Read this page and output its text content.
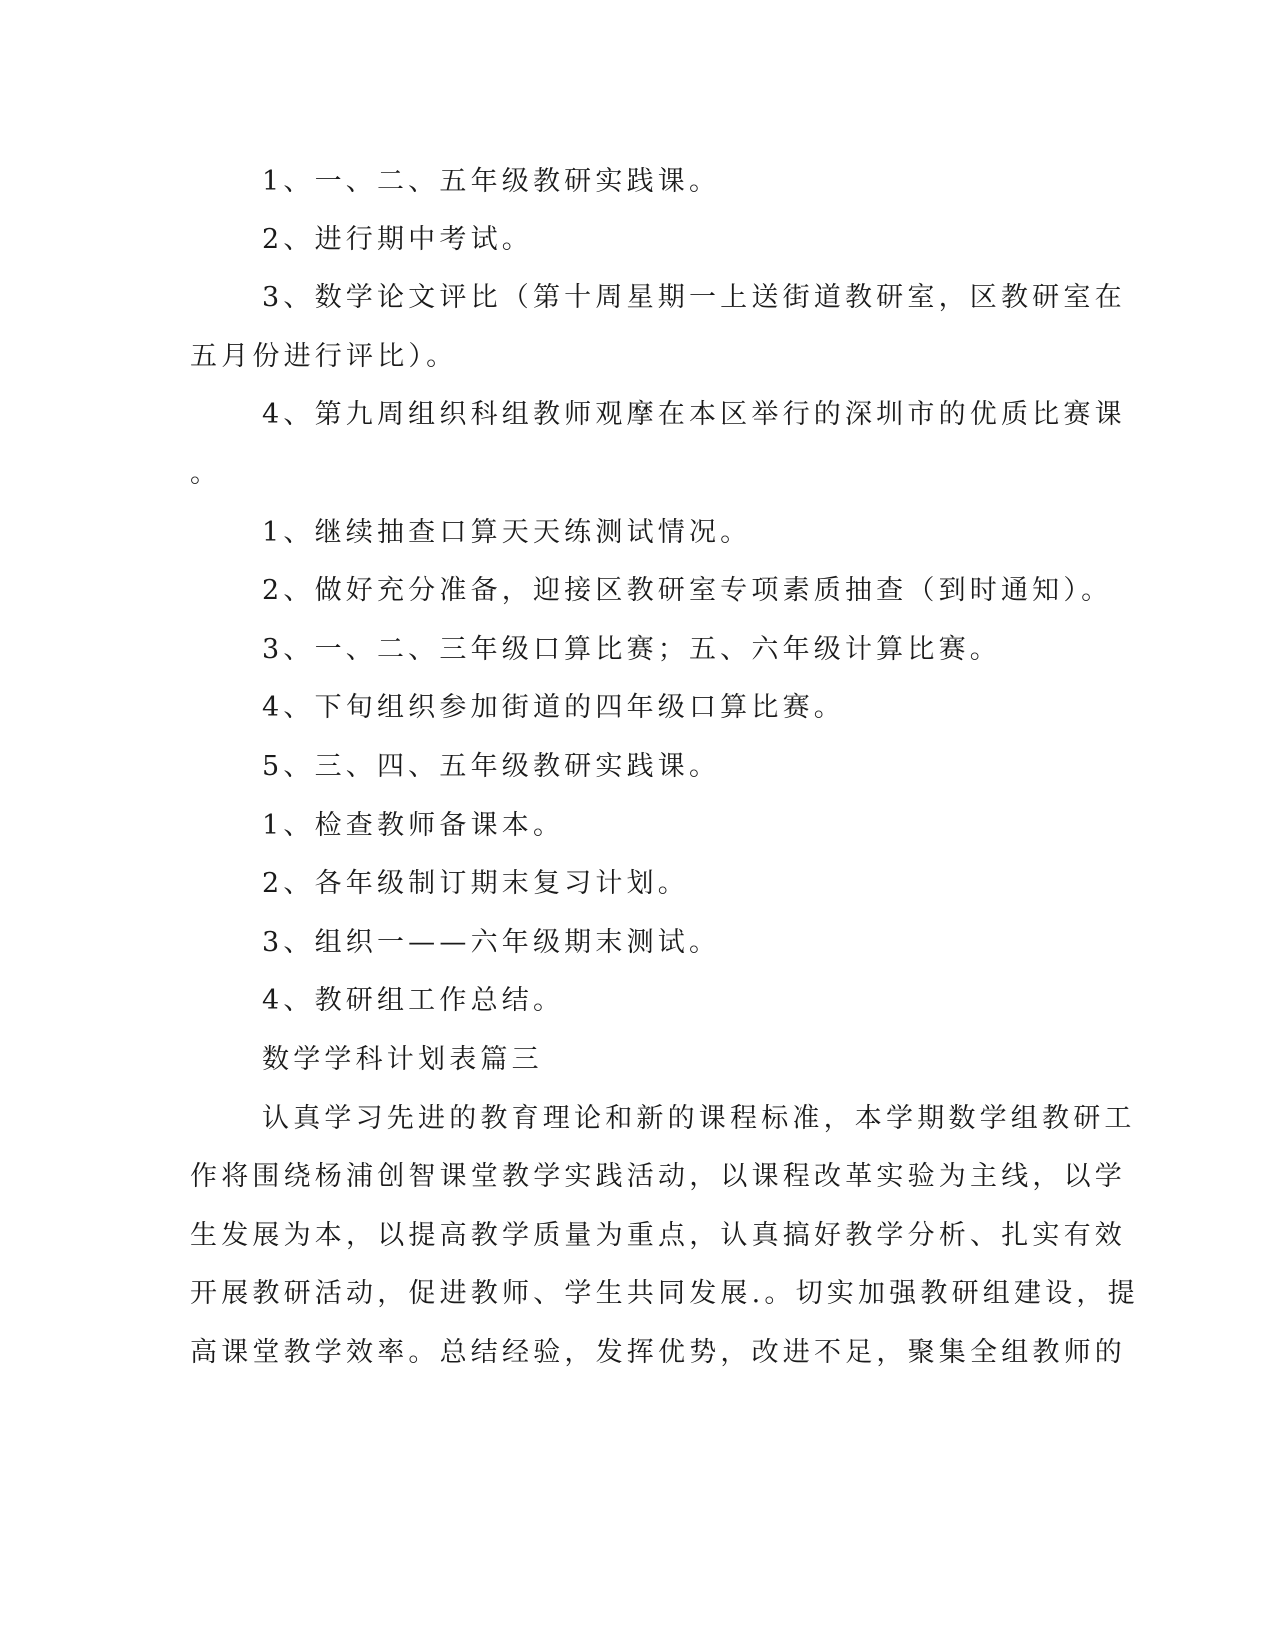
1、一、二、五年级教研实践课。
2、进行期中考试。
3、数学论文评比（第十周星期一上送街道教研室，区教研室在
五月份进行评比）。
4、第九周组织科组教师观摩在本区举行的深圳市的优质比赛课
。
1、继续抽查口算天天练测试情况。
2、做好充分准备，迎接区教研室专项素质抽查（到时通知）。
3、一、二、三年级口算比赛；五、六年级计算比赛。
4、下旬组织参加街道的四年级口算比赛。
5、三、四、五年级教研实践课。
1、检查教师备课本。
2、各年级制订期末复习计划。
3、组织一——六年级期末测试。
4、教研组工作总结。
数学学科计划表篇三
认真学习先进的教育理论和新的课程标准，本学期数学组教研工
作将围绕杨浦创智课堂教学实践活动，以课程改革实验为主线，以学
生发展为本，以提高教学质量为重点，认真搞好教学分析、扎实有效
开展教研活动，促进教师、学生共同发展.。切实加强教研组建设，提
高课堂教学效率。总结经验，发挥优势，改进不足，聚集全组教师的
